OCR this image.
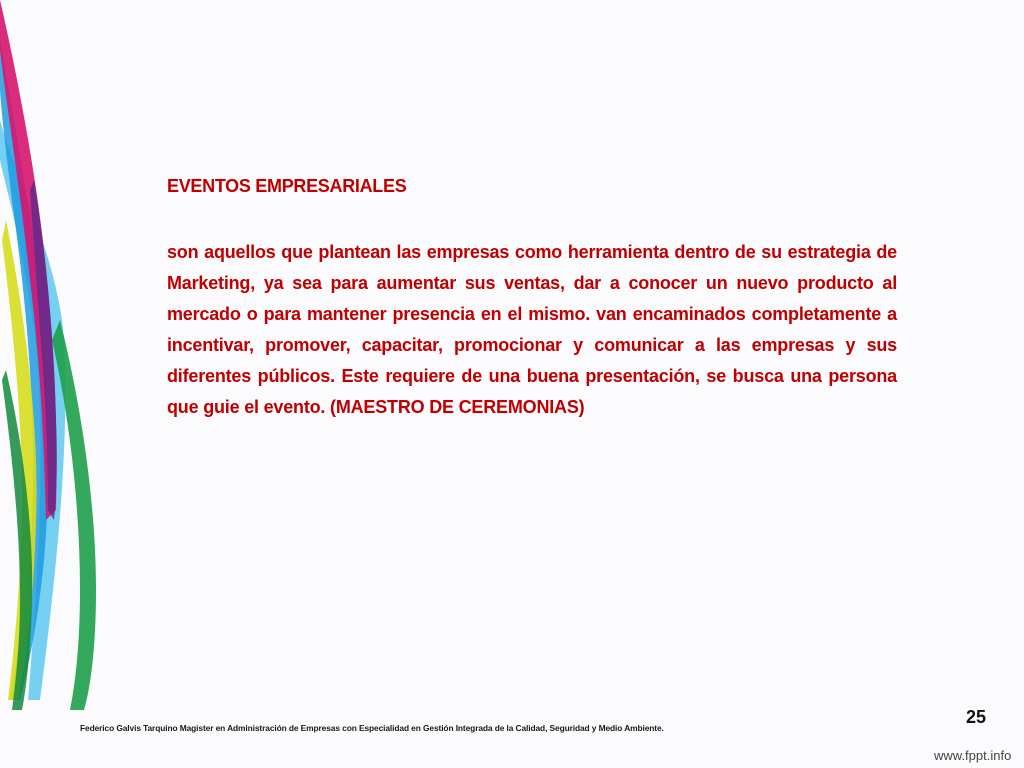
EVENTOS EMPRESARIALES

son aquellos que plantean las empresas como herramienta dentro de su estrategia de Marketing, ya sea para aumentar sus ventas, dar a conocer un nuevo producto al mercado o para mantener presencia en el mismo. van encaminados completamente a incentivar, promover, capacitar, promocionar y comunicar a las empresas y sus diferentes públicos. Este requiere de una buena presentación, se busca una persona que guie el evento. (MAESTRO DE CEREMONIAS)

Federico Galvis Tarquino Magister en Administración de Empresas con Especialidad en Gestión Integrada de la Calidad, Seguridad y Medio Ambiente.

25

www.fppt.info
